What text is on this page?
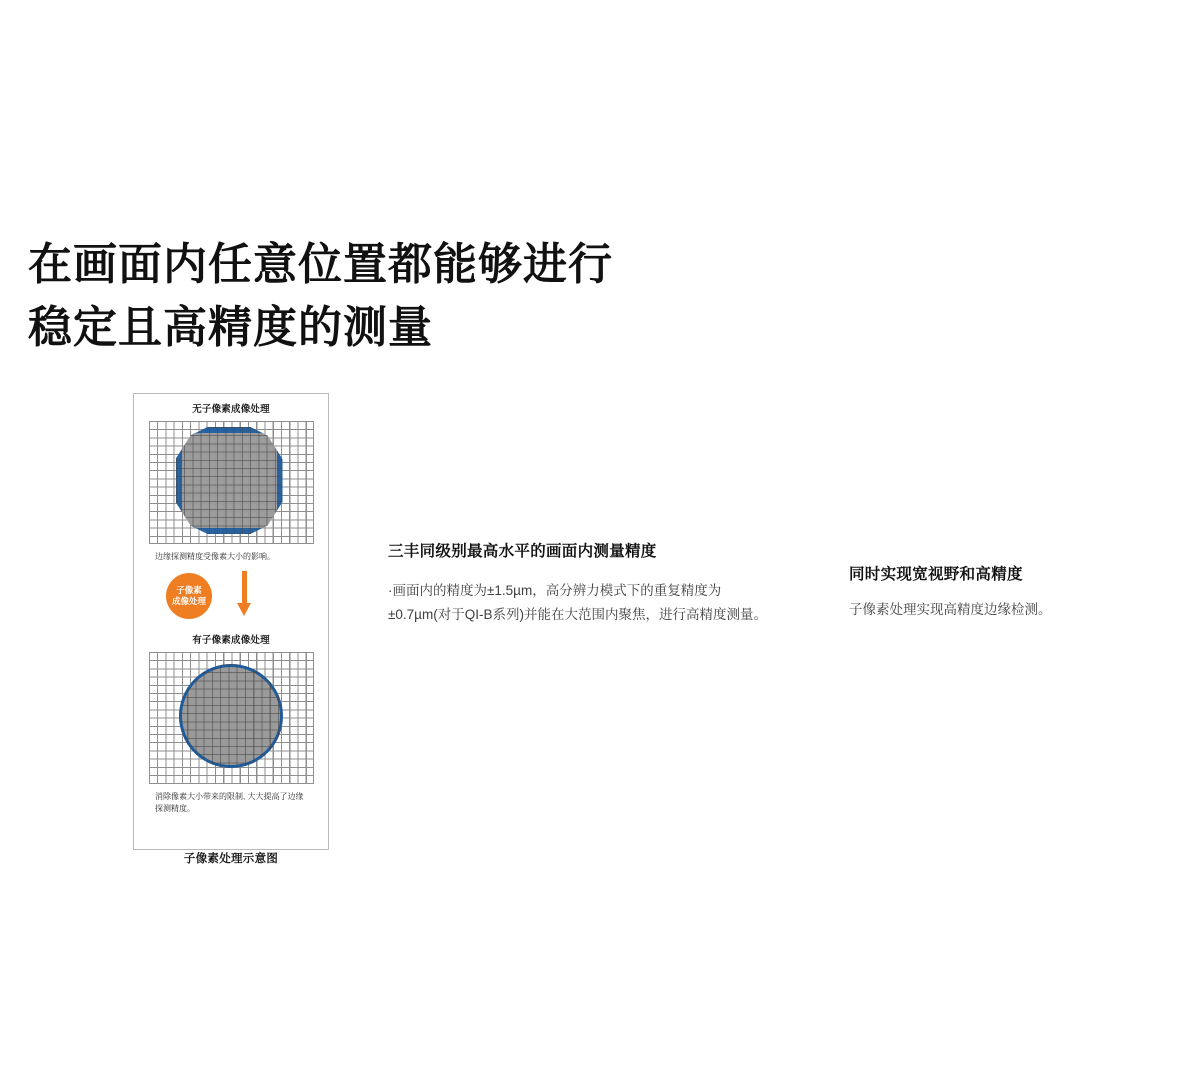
在画面内任意位置都能够进行
稳定且高精度的测量
无子像素成像处理
边缘探测精度受像素大小的影响。
子像素
成像处理
有子像素成像处理
消除像素大小带来的限制, 大大提高了边缘探测精度。
子像素处理示意图
三丰同级别最高水平的画面内测量精度
·画面内的精度为±1.5µm，高分辨力模式下的重复精度为±0.7µm(对于QI-B系列)并能在大范围内聚焦，进行高精度测量。
同时实现宽视野和高精度
子像素处理实现高精度边缘检测。
